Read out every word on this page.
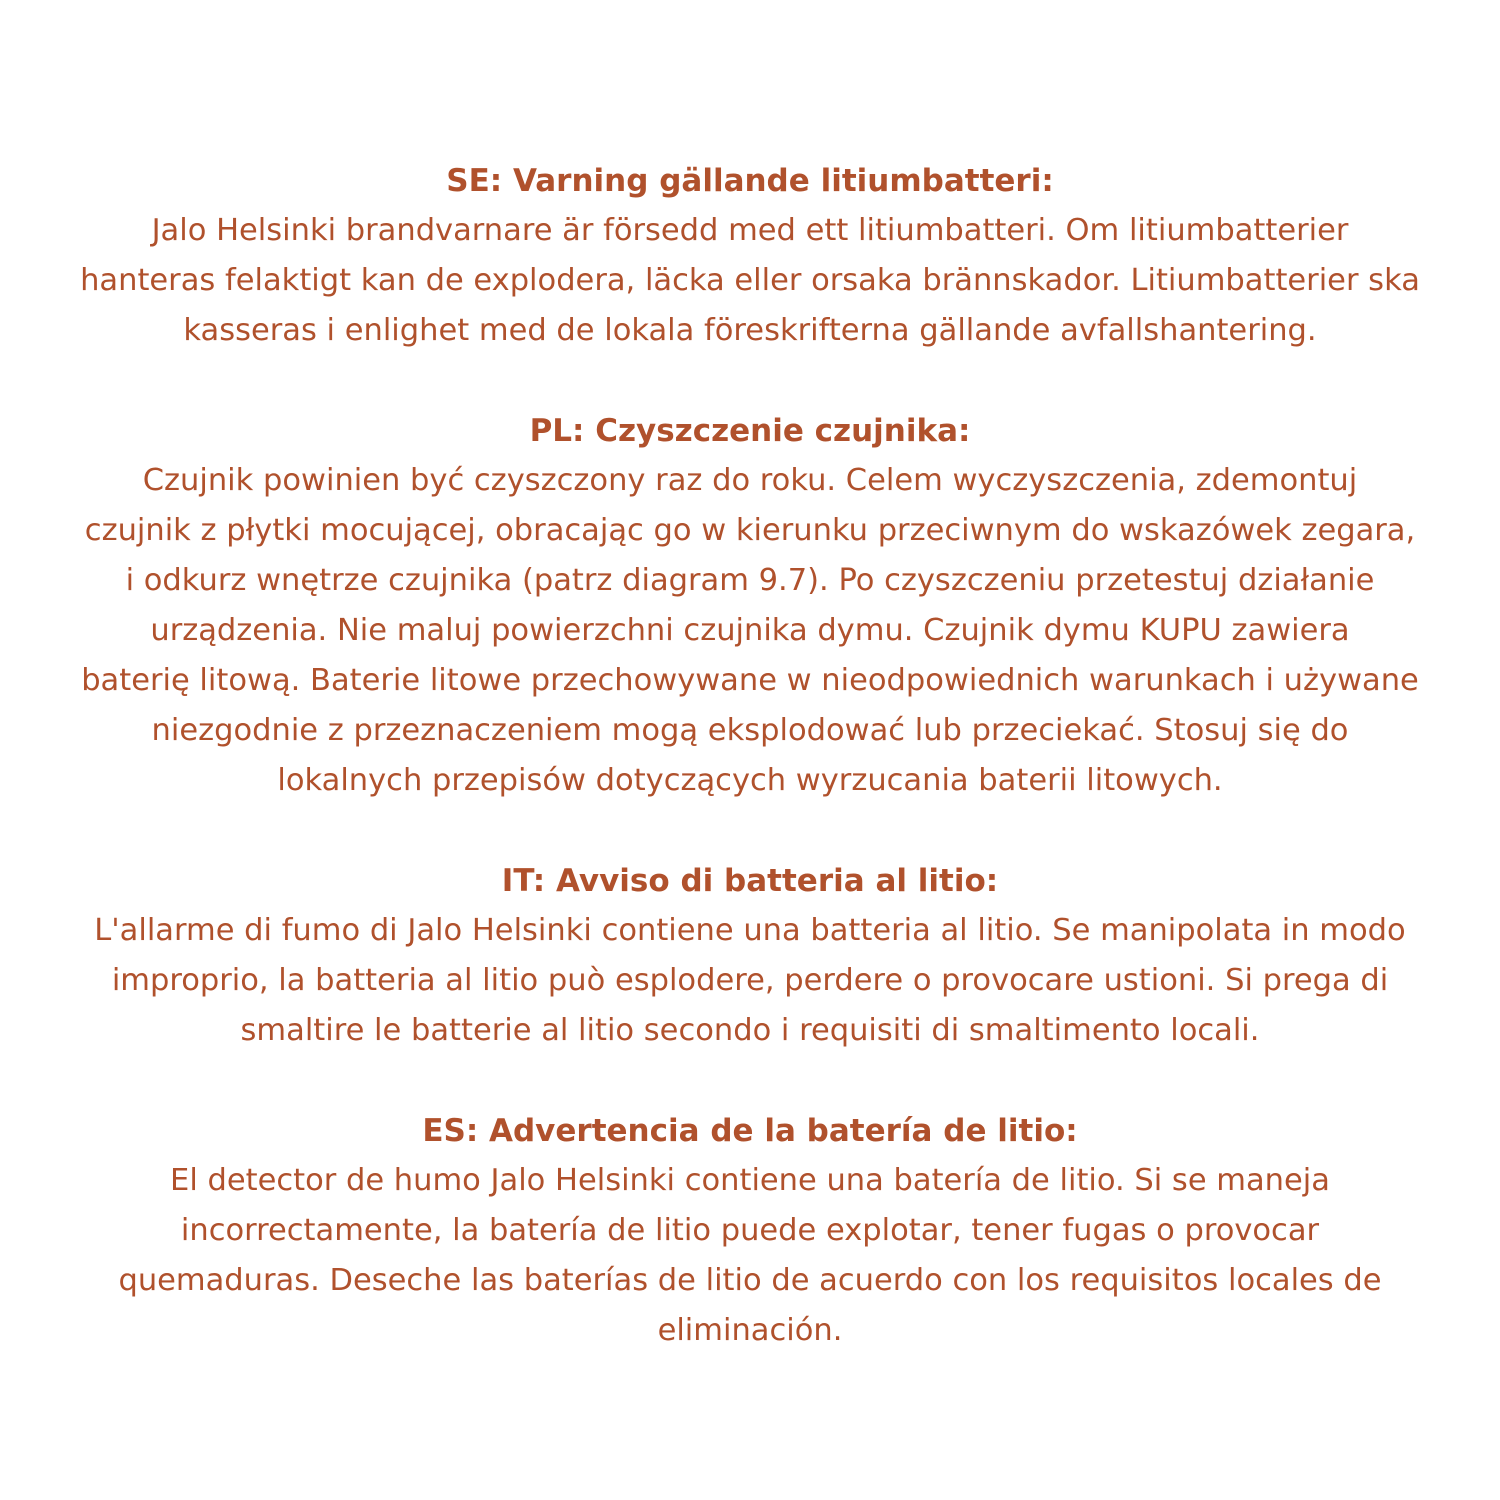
SE: Varning gällande litiumbatteri:

Jalo Helsinki brandvarnare är försedd med ett litiumbatteri. Om litiumbatterier

hanteras felaktigt kan de explodera, läcka eller orsaka brännskador. Litiumbatterier ska

kasseras i enlighet med de lokala föreskrifterna gällande avfallshantering.

PL: Czyszczenie czujnika:

Czujnik powinien być czyszczony raz do roku. Celem wyczyszczenia, zdemontuj

czujnik z płytki mocującej, obracając go w kierunku przeciwnym do wskazówek zegara,

i odkurz wnętrze czujnika (patrz diagram 9.7). Po czyszczeniu przetestuj działanie

urządzenia. Nie maluj powierzchni czujnika dymu. Czujnik dymu KUPU zawiera

baterię litową. Baterie litowe przechowywane w nieodpowiednich warunkach i używane

niezgodnie z przeznaczeniem mogą eksplodować lub przeciekać. Stosuj się do

lokalnych przepisów dotyczących wyrzucania baterii litowych.

IT: Avviso di batteria al litio:

L'allarme di fumo di Jalo Helsinki contiene una batteria al litio. Se manipolata in modo

improprio, la batteria al litio può esplodere, perdere o provocare ustioni. Si prega di

smaltire le batterie al litio secondo i requisiti di smaltimento locali.

ES: Advertencia de la batería de litio:

El detector de humo Jalo Helsinki contiene una batería de litio. Si se maneja

incorrectamente, la batería de litio puede explotar, tener fugas o provocar

quemaduras. Deseche las baterías de litio de acuerdo con los requisitos locales de

eliminación.
